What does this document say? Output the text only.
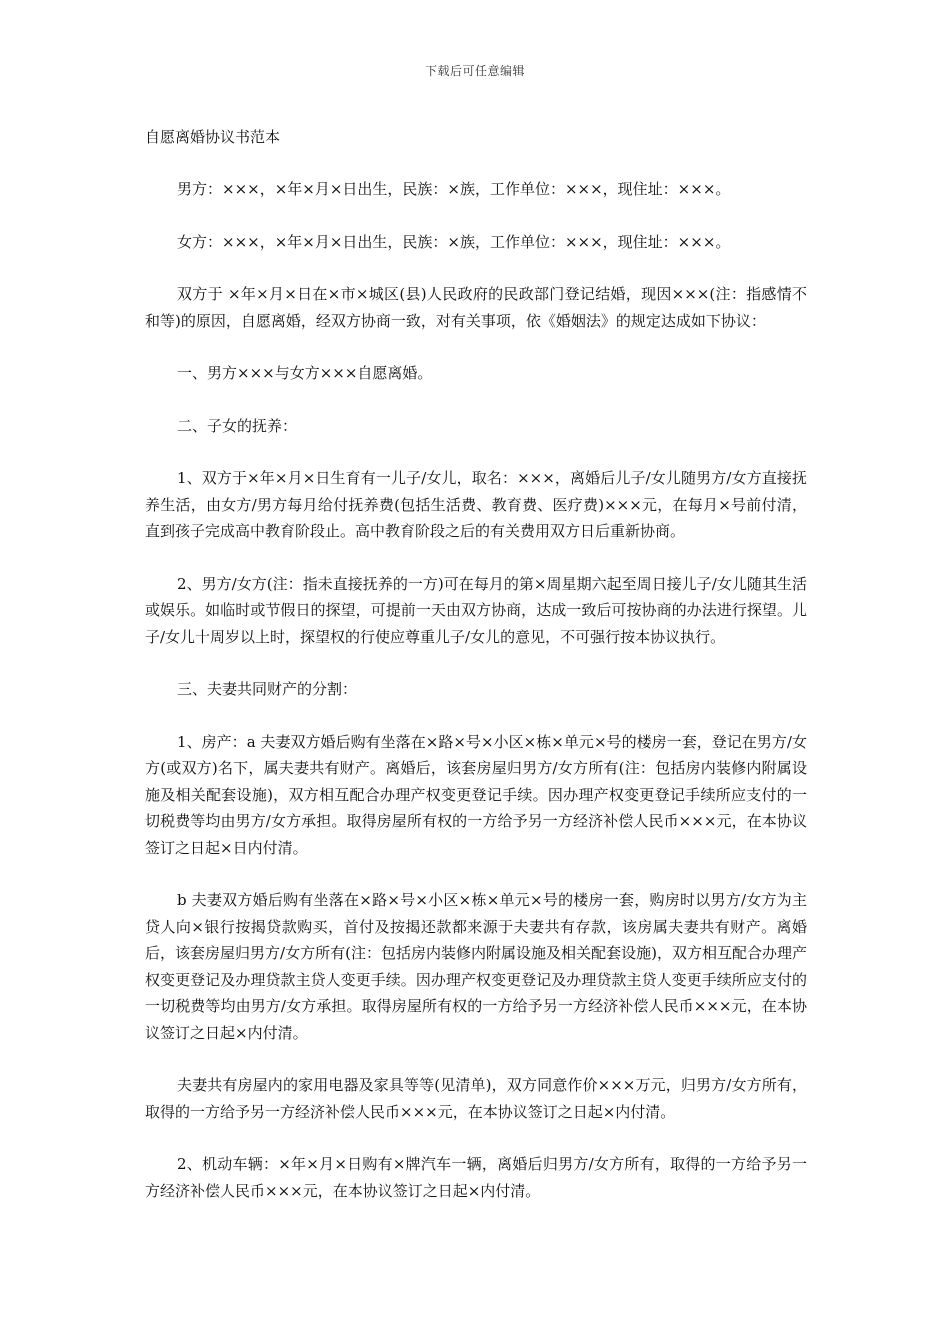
下载后可任意编辑
自愿离婚协议书范本

男方：×××，×年×月×日出生，民族：×族，工作单位：×××，现住址：×××。

女方：×××，×年×月×日出生，民族：×族，工作单位：×××，现住址：×××。

双方于 ×年×月×日在×市×城区(县)人民政府的民政部门登记结婚，现因×××(注：指感情不和等)的原因，自愿离婚，经双方协商一致，对有关事项，依《婚姻法》的规定达成如下协议：

一、男方×××与女方×××自愿离婚。

二、子女的抚养：

1、双方于×年×月×日生育有一儿子/女儿，取名：×××，离婚后儿子/女儿随男方/女方直接抚养生活，由女方/男方每月给付抚养费(包括生活费、教育费、医疗费)×××元，在每月×号前付清，直到孩子完成高中教育阶段止。高中教育阶段之后的有关费用双方日后重新协商。

2、男方/女方(注：指未直接抚养的一方)可在每月的第×周星期六起至周日接儿子/女儿随其生活或娱乐。如临时或节假日的探望，可提前一天由双方协商，达成一致后可按协商的办法进行探望。儿子/女儿十周岁以上时，探望权的行使应尊重儿子/女儿的意见，不可强行按本协议执行。

三、夫妻共同财产的分割：

1、房产：a 夫妻双方婚后购有坐落在×路×号×小区×栋×单元×号的楼房一套，登记在男方/女方(或双方)名下，属夫妻共有财产。离婚后，该套房屋归男方/女方所有(注：包括房内装修内附属设施及相关配套设施)，双方相互配合办理产权变更登记手续。因办理产权变更登记手续所应支付的一切税费等均由男方/女方承担。取得房屋所有权的一方给予另一方经济补偿人民币×××元，在本协议签订之日起×日内付清。

b 夫妻双方婚后购有坐落在×路×号×小区×栋×单元×号的楼房一套，购房时以男方/女方为主贷人向×银行按揭贷款购买，首付及按揭还款都来源于夫妻共有存款，该房属夫妻共有财产。离婚后，该套房屋归男方/女方所有(注：包括房内装修内附属设施及相关配套设施)，双方相互配合办理产权变更登记及办理贷款主贷人变更手续。因办理产权变更登记及办理贷款主贷人变更手续所应支付的一切税费等均由男方/女方承担。取得房屋所有权的一方给予另一方经济补偿人民币×××元，在本协议签订之日起×内付清。

夫妻共有房屋内的家用电器及家具等等(见清单)，双方同意作价×××万元，归男方/女方所有，取得的一方给予另一方经济补偿人民币×××元，在本协议签订之日起×内付清。

2、机动车辆：×年×月×日购有×牌汽车一辆，离婚后归男方/女方所有，取得的一方给予另一方经济补偿人民币×××元，在本协议签订之日起×内付清。
